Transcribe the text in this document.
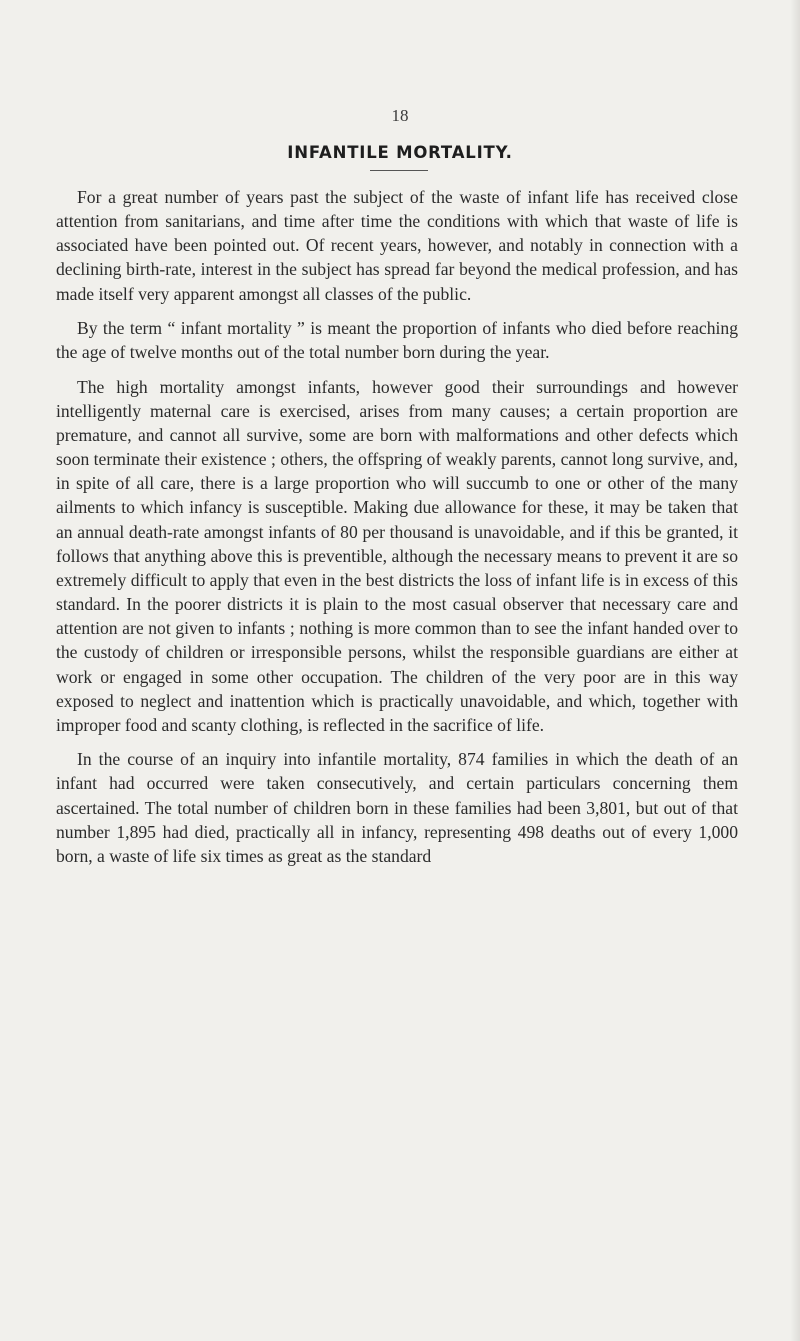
18
INFANTILE MORTALITY.

For a great number of years past the subject of the waste of infant life has received close attention from sanitarians, and time after time the conditions with which that waste of life is associated have been pointed out. Of recent years, however, and notably in connection with a declining birth-rate, interest in the subject has spread far beyond the medical profession, and has made itself very apparent amongst all classes of the public.

By the term “ infant mortality ” is meant the proportion of infants who died before reaching the age of twelve months out of the total number born during the year.

The high mortality amongst infants, however good their surroundings and however intelligently maternal care is exercised, arises from many causes; a certain proportion are premature, and cannot all survive, some are born with malformations and other defects which soon terminate their existence ; others, the offspring of weakly parents, cannot long survive, and, in spite of all care, there is a large proportion who will succumb to one or other of the many ailments to which infancy is susceptible. Making due allowance for these, it may be taken that an annual death-rate amongst infants of 80 per thousand is unavoidable, and if this be granted, it follows that anything above this is preventible, although the necessary means to prevent it are so extremely difficult to apply that even in the best districts the loss of infant life is in excess of this standard. In the poorer districts it is plain to the most casual observer that necessary care and attention are not given to infants ; nothing is more common than to see the infant handed over to the custody of children or irresponsible persons, whilst the responsible guardians are either at work or engaged in some other occupation. The children of the very poor are in this way exposed to neglect and inattention which is practically unavoidable, and which, together with improper food and scanty clothing, is reflected in the sacrifice of life.

In the course of an inquiry into infantile mortality, 874 families in which the death of an infant had occurred were taken consecutively, and certain particulars concerning them ascertained. The total number of children born in these families had been 3,801, but out of that number 1,895 had died, practically all in infancy, representing 498 deaths out of every 1,000 born, a waste of life six times as great as the standard
